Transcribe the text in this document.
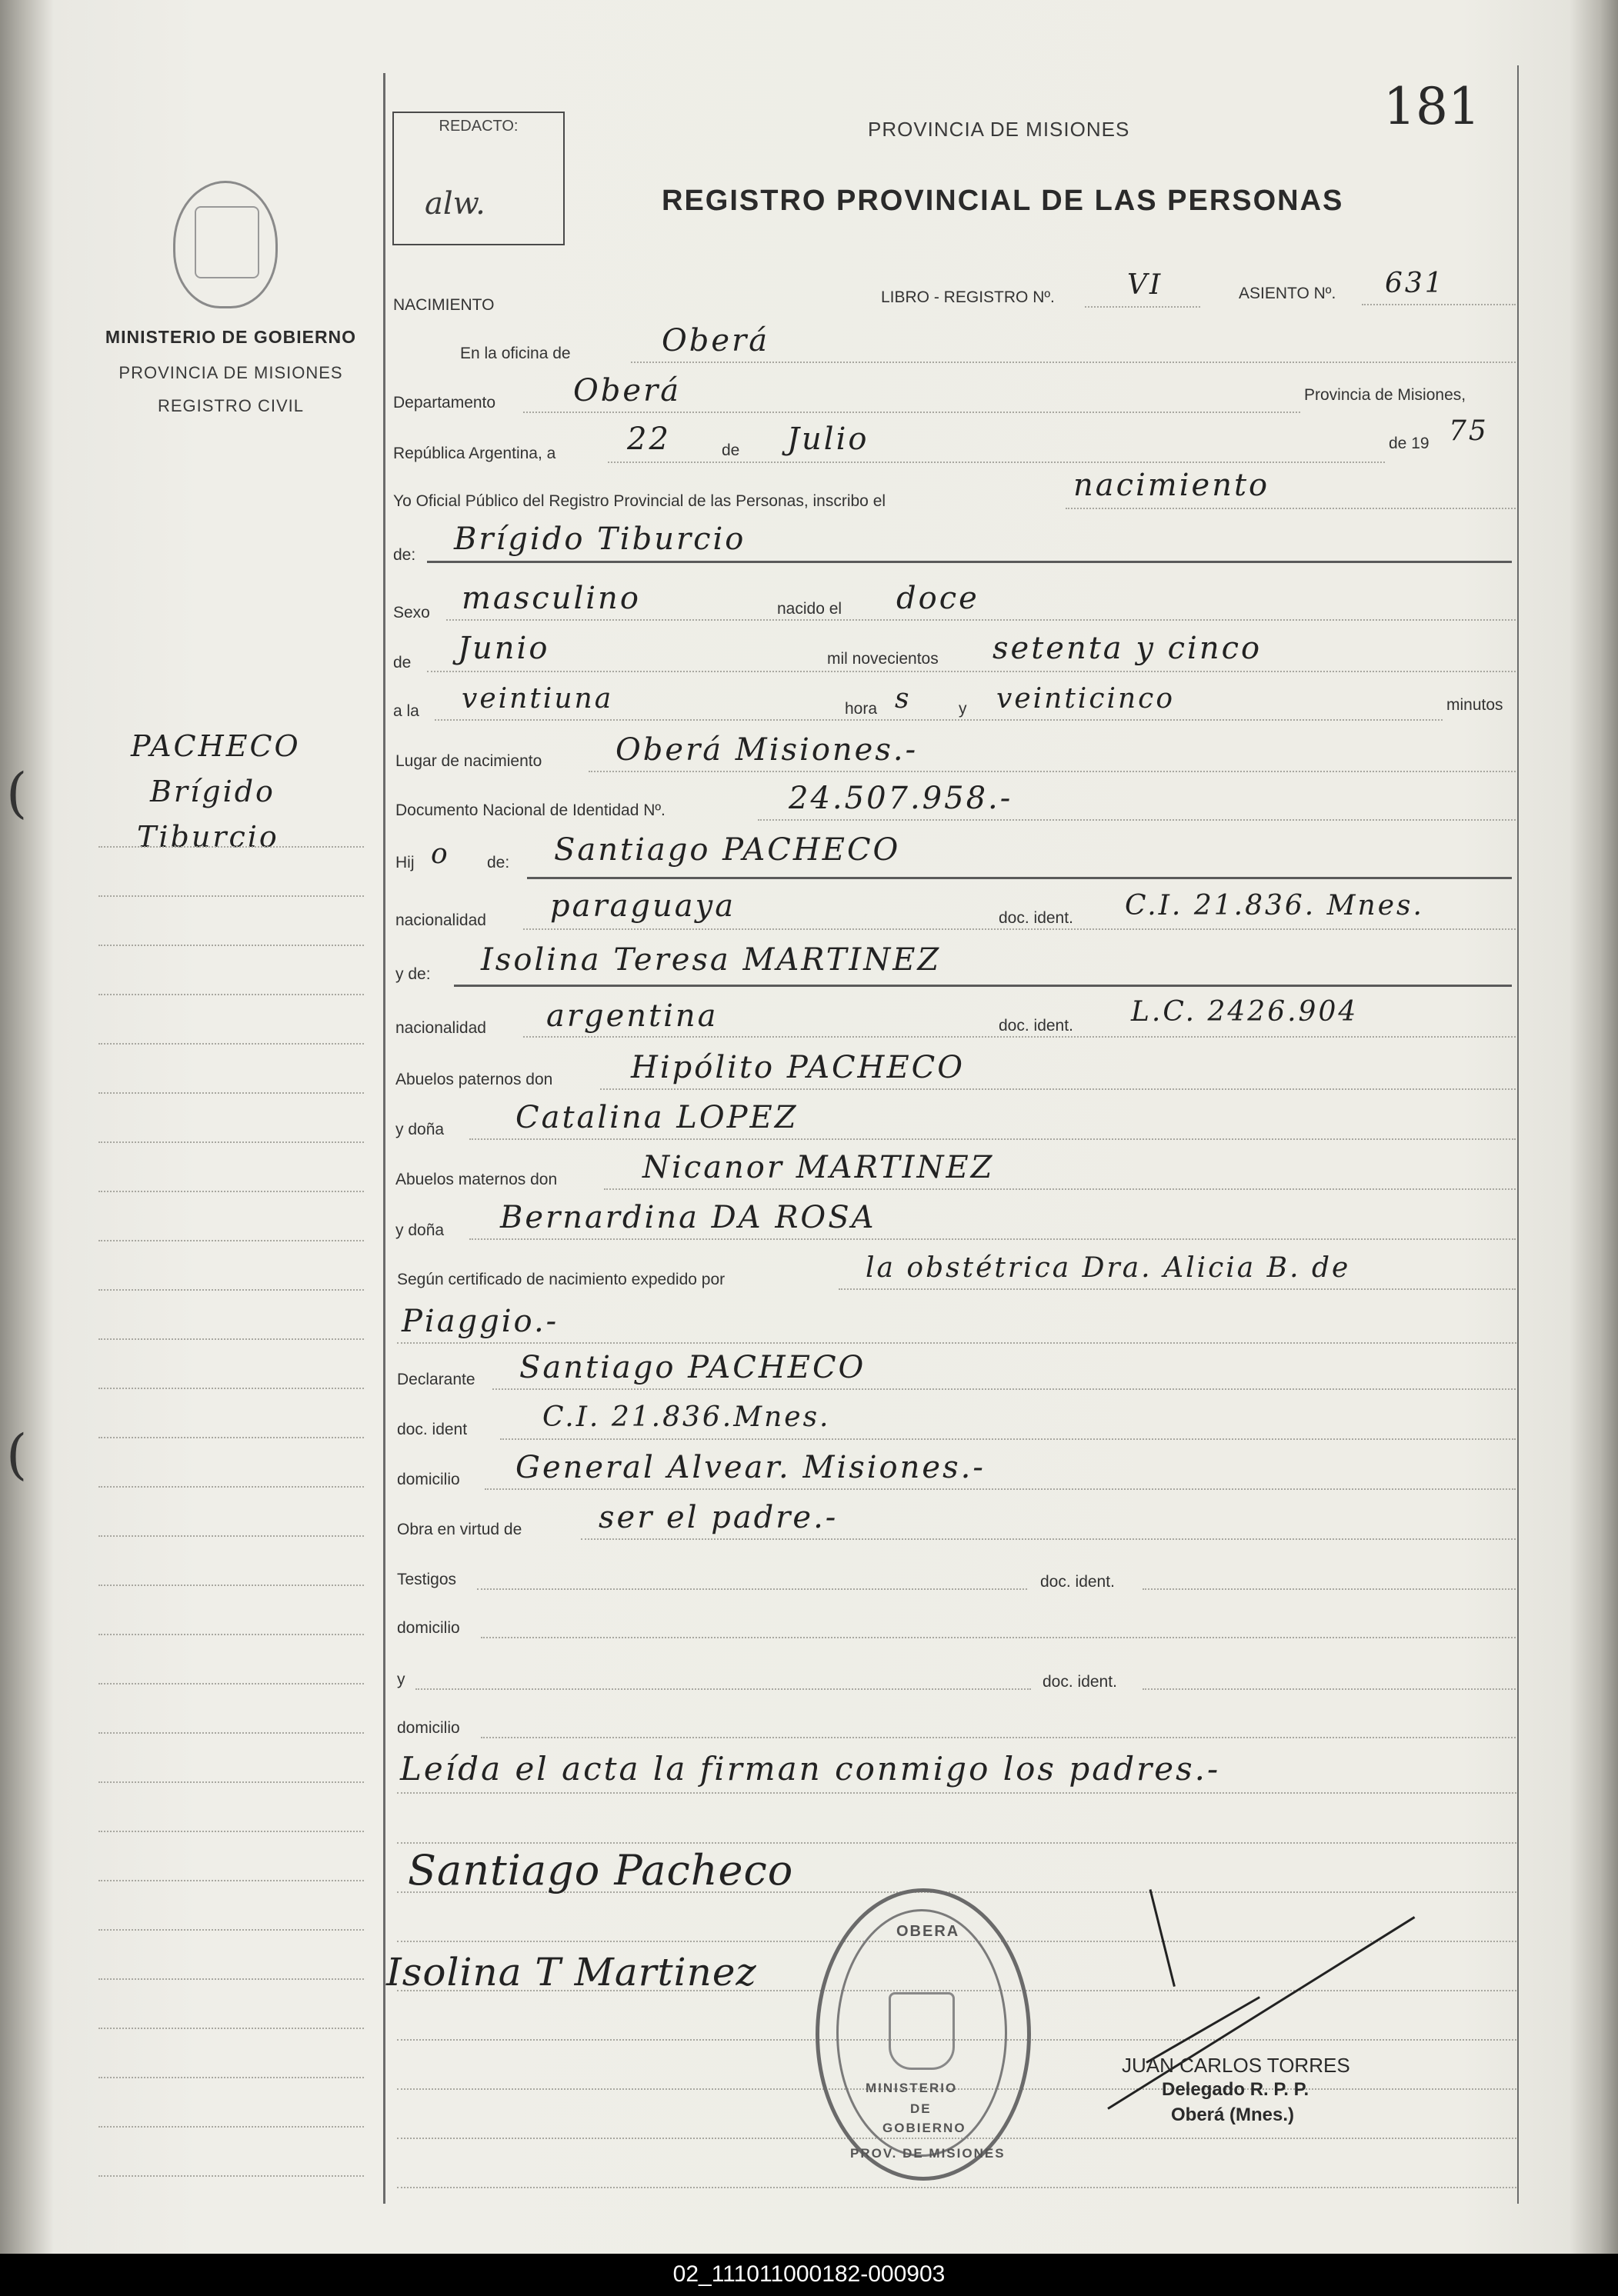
(
(
REDACTO:
alw.
PROVINCIA DE MISIONES
REGISTRO PROVINCIAL DE LAS PERSONAS
181
MINISTERIO DE GOBIERNO
PROVINCIA DE MISIONES
REGISTRO CIVIL
PACHECO
Brígido
Tiburcio
NACIMIENTO	LIBRO - REGISTRO Nº.	VI	ASIENTO Nº. 631
En la oficina de	Oberá
Departamento	Oberá	Provincia de Misiones,
República Argentina, a 22	de Julio	de 19 75
Yo Oficial Público del Registro Provincial de las Personas, inscribo el	nacimiento
de: Brígido Tiburcio
Sexo masculino	nacido el doce
de Junio	mil novecientos setenta y cinco
a la veintiuna	hora s	y veinticinco	minutos
Lugar de nacimiento Oberá Misiones.-
Documento Nacional de Identidad Nº.	24.507.958.-
Hij o de: Santiago PACHECO
nacionalidad paraguaya	doc. ident. C.I. 21.836. Mnes.
y de: Isolina Teresa MARTINEZ
nacionalidad argentina	doc. ident. L.C. 2426.904
Abuelos paternos don	Hipólito PACHECO
y doña Catalina LOPEZ
Abuelos maternos don	Nicanor MARTINEZ
y doña Bernardina DA ROSA
Según certificado de nacimiento expedido por	la obstétrica Dra. Alicia B. de
Piaggio.-
Declarante Santiago PACHECO
doc. ident	C.I. 21.836.Mnes.
domicilio General Alvear. Misiones.-
Obra en virtud de ser el padre.-
Testigos	doc. ident.
domicilio
y	doc. ident.
domicilio
Leída el acta la firman conmigo los padres.-
Santiago Pacheco
Isolina T Martinez
OBERA
MINISTERIO
DE
GOBIERNO
PROV. DE MISIONES
JUAN CARLOS TORRES
Delegado R. P. P.
Oberá (Mnes.)
02_111011000182-000903
